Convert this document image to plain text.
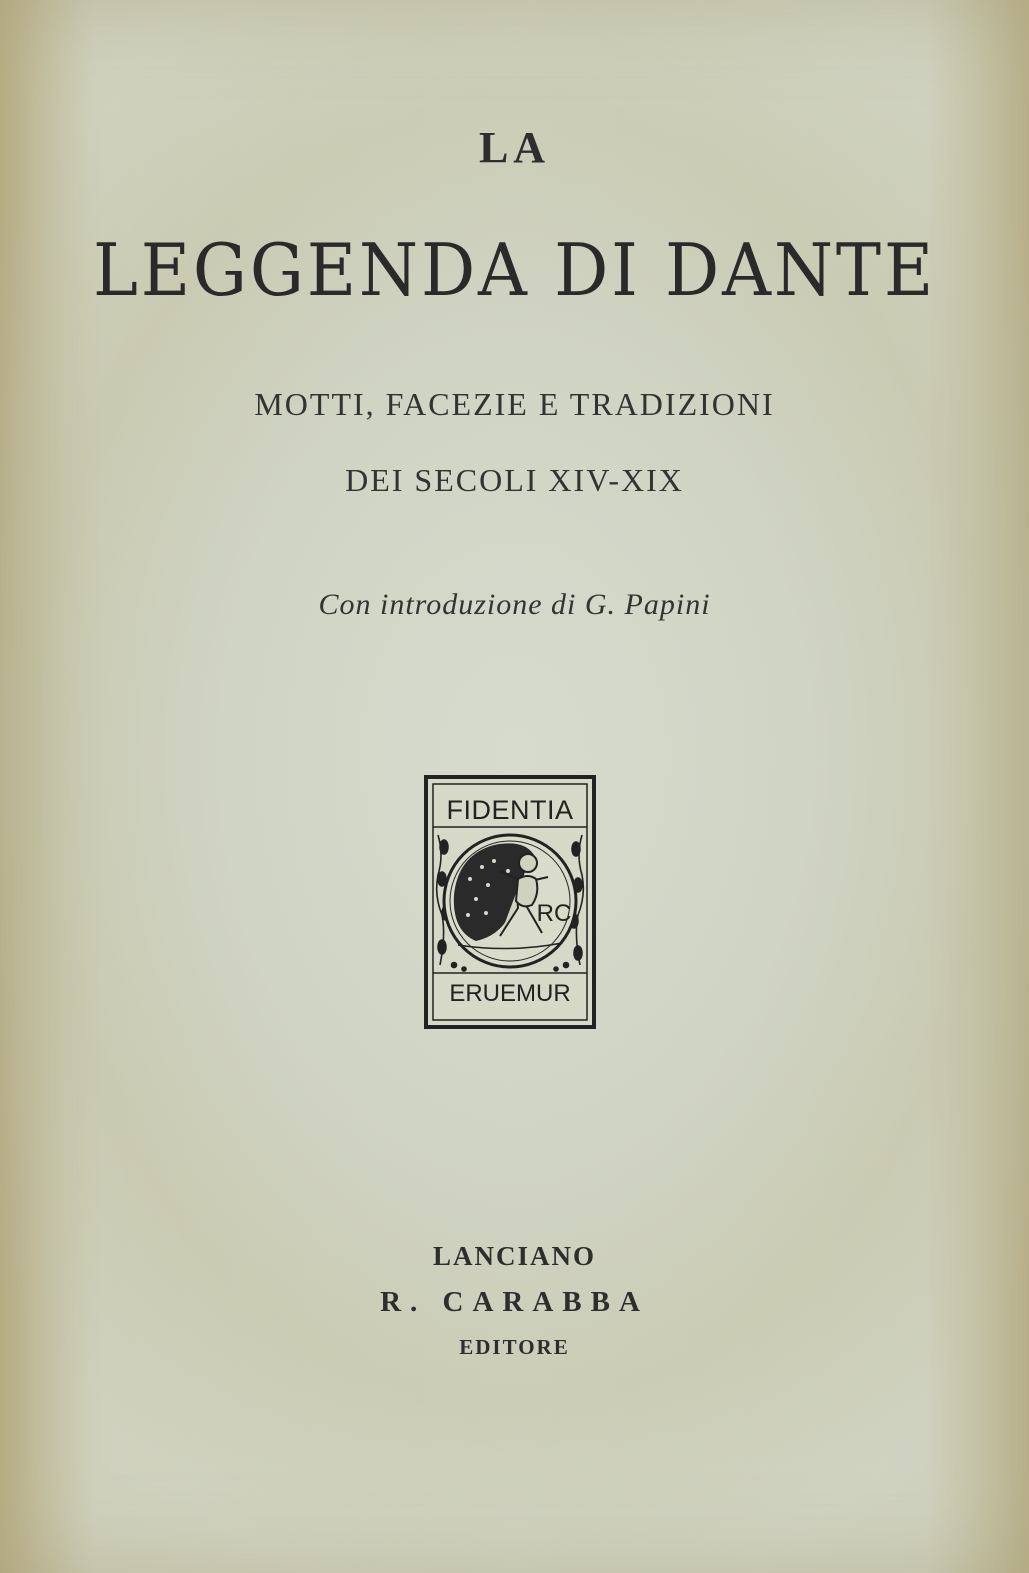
LA

LEGGENDA DI DANTE

MOTTI, FACEZIE E TRADIZIONI

DEI SECOLI XIV-XIX

Con introduzione di G. Papini

FIDENTIA
ERUEMUR
RC

LANCIANO

R. CARABBA

EDITORE
